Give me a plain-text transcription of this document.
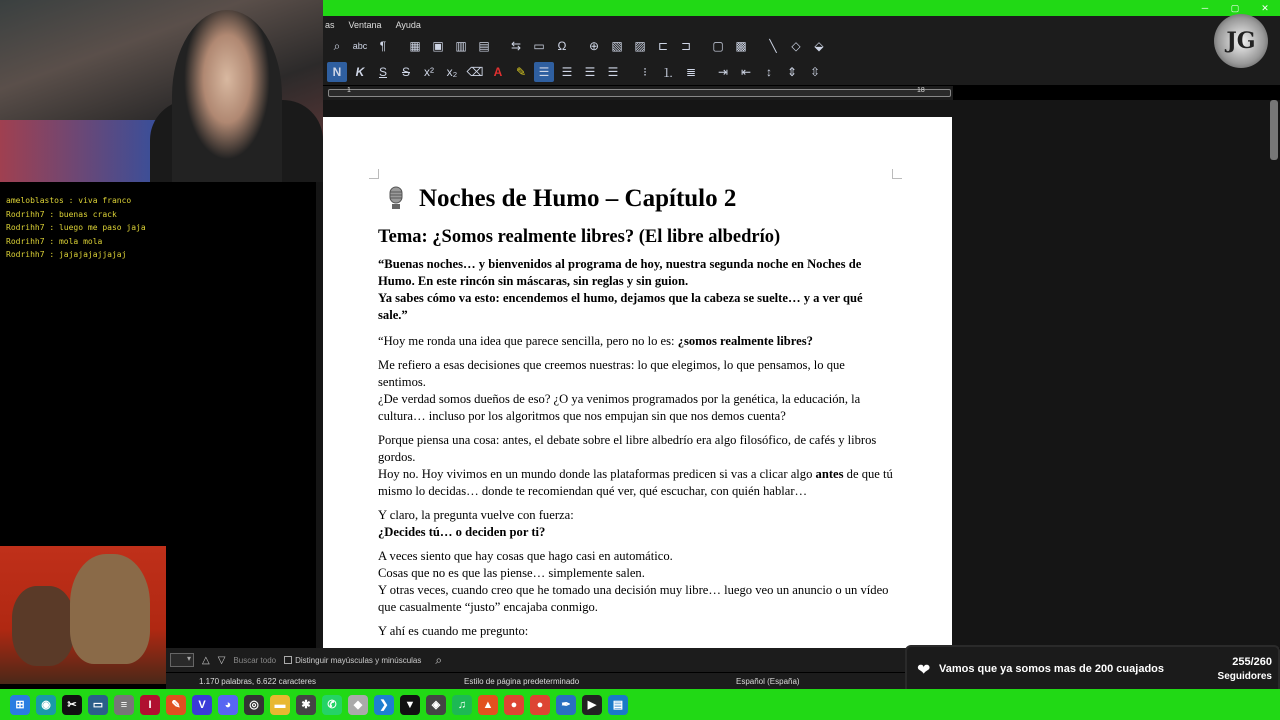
─	▢	✕
as Ventana Ayuda
⌕	abc	¶	▦ ▣ ▥ ▤	⇆	▭	Ω	⊕	▧ ▨	⊏	⊐	▢ ▩	╲	◇	⬙
N	K	S	S	x²	x₂ ⌫ A	✎	☰	☰	☰	☰	⁝	⒈ ≣	⇥	⇤	↕	⇕	⇳
1	18
Noches de Humo – Capítulo 2
Tema: ¿Somos realmente libres? (El libre albedrío)
“Buenas noches… y bienvenidos al programa de hoy, nuestra segunda noche en Noches de Humo. En este rincón sin máscaras, sin reglas y sin guion.
Ya sabes cómo va esto: encendemos el humo, dejamos que la cabeza se suelte… y a ver qué sale.”
“Hoy me ronda una idea que parece sencilla, pero no lo es: ¿somos realmente libres?
Me refiero a esas decisiones que creemos nuestras: lo que elegimos, lo que pensamos, lo que sentimos.
¿De verdad somos dueños de eso? ¿O ya venimos programados por la genética, la educación, la cultura… incluso por los algoritmos que nos empujan sin que nos demos cuenta?
Porque piensa una cosa: antes, el debate sobre el libre albedrío era algo filosófico, de cafés y libros gordos.
Hoy no. Hoy vivimos en un mundo donde las plataformas predicen si vas a clicar algo antes de que tú mismo lo decidas… donde te recomiendan qué ver, qué escuchar, con quién hablar…
Y claro, la pregunta vuelve con fuerza:
¿Decides tú… o deciden por ti?
A veces siento que hay cosas que hago casi en automático.
Cosas que no es que las piense… simplemente salen.
Y otras veces, cuando creo que he tomado una decisión muy libre… luego veo un anuncio o un vídeo que casualmente “justo” encajaba conmigo.
Y ahí es cuando me pregunto:
ameloblastos : viva franco
Rodrihh7 : buenas crack
Rodrihh7 : luego me paso jaja
Rodrihh7 : mola mola
Rodrihh7 : jajajajajjajaj
▾	△ ▽ Buscar todo	Distinguir mayúsculas y minúsculas ⌕
1.170 palabras, 6.622 caracteres	Estilo de página predeterminado	Español (España)
JG
❤ Vamos que ya somos mas de 200 cuajados
255/260
Seguidores
⊞	◉	✂	▭	≡	I	✎	V	◕	◎	▬	✱	✆	◆	❯	▼	◈	♫	▲	●	●	✒	▶	▤
